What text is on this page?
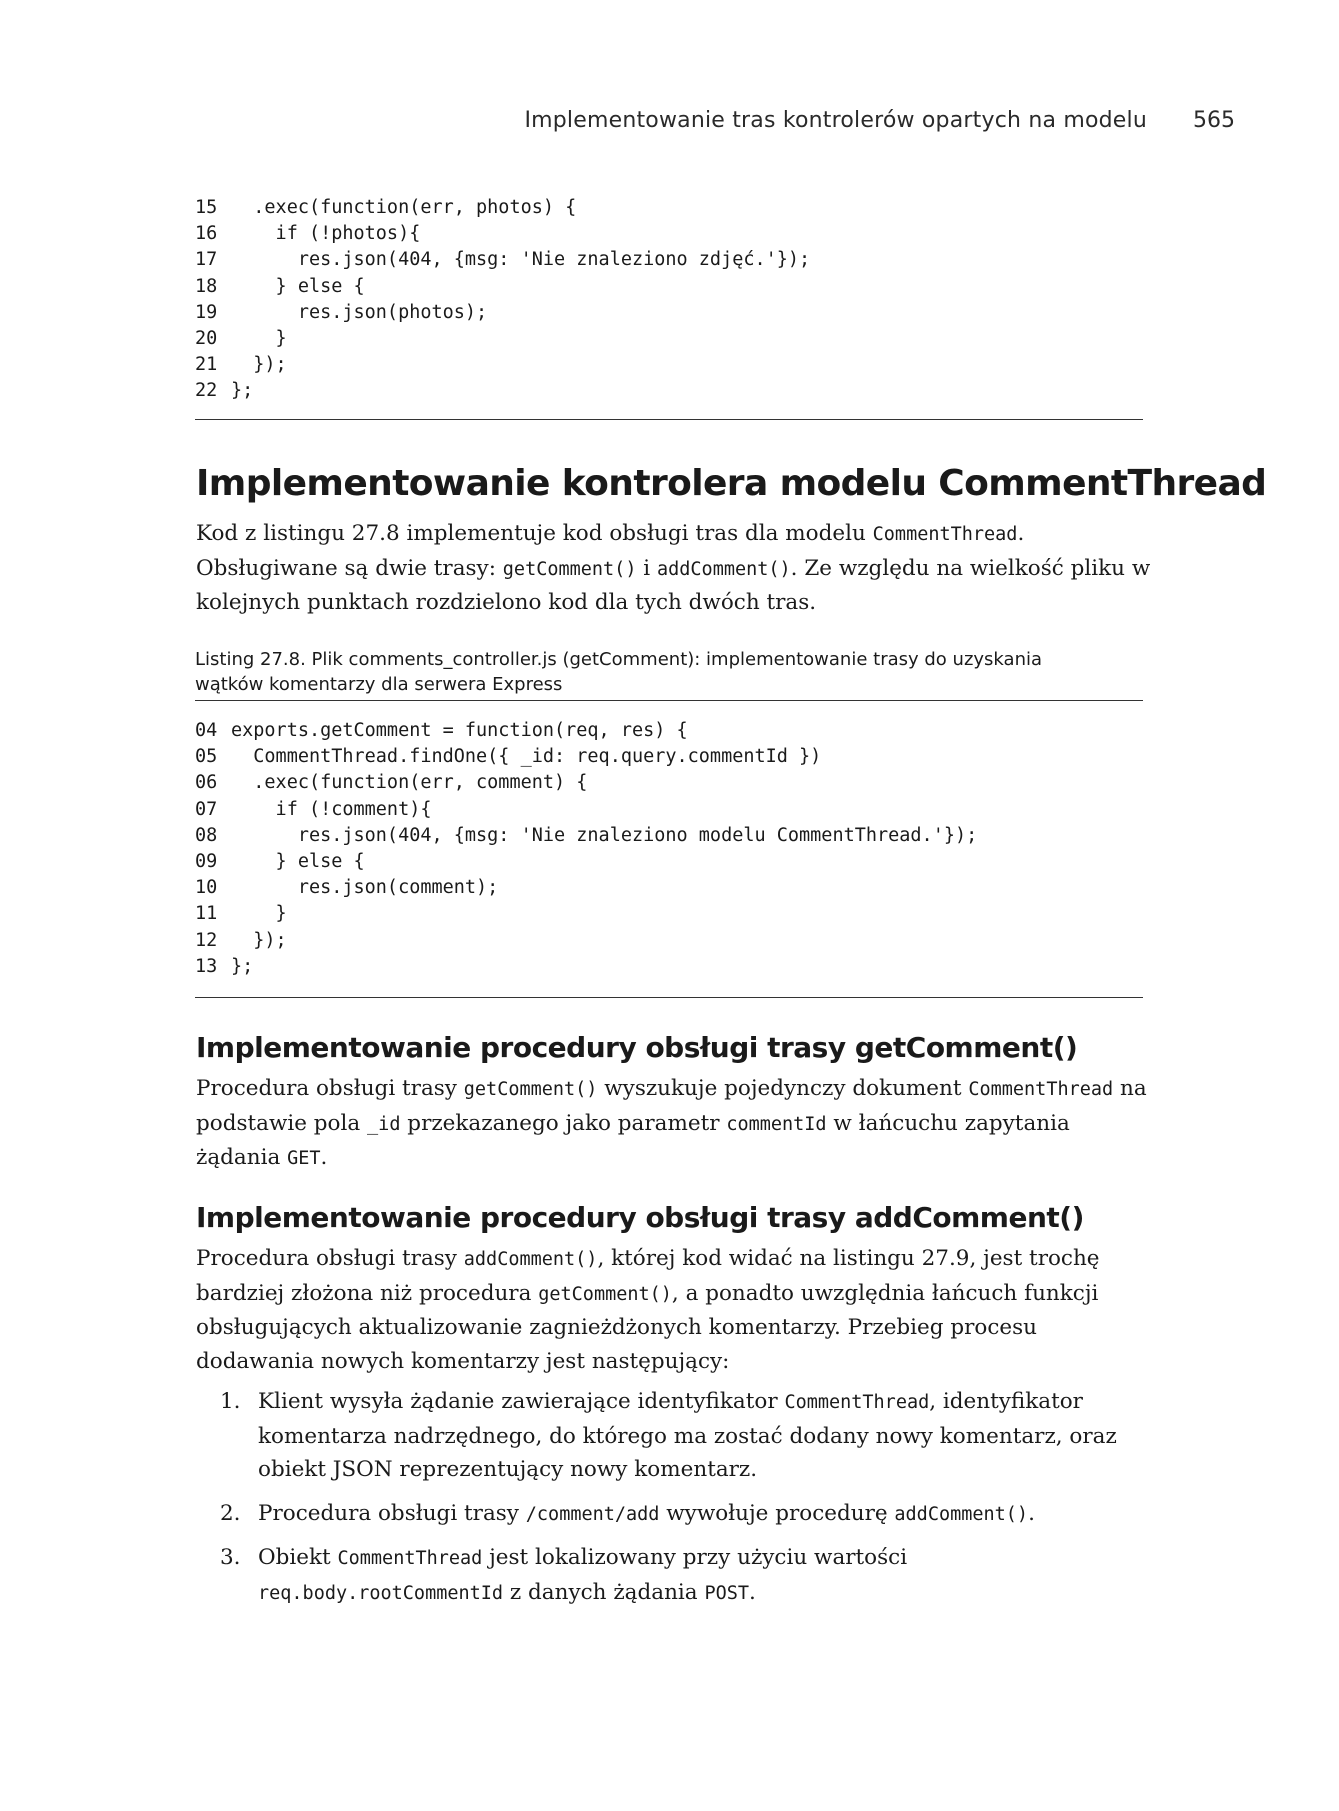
Implementowanie tras kontrolerów opartych na modelu 565
15  .exec(function(err, photos) {
16    if (!photos){
17      res.json(404, {msg: 'Nie znaleziono zdjęć.'});
18    } else {
19      res.json(photos);
20    }
21  });
22 };
Implementowanie kontrolera modelu CommentThread

Kod z listingu 27.8 implementuje kod obsługi tras dla modelu CommentThread. Obsługiwane są dwie trasy: getComment() i addComment(). Ze względu na wielkość pliku w kolejnych punktach rozdzielono kod dla tych dwóch tras.

Listing 27.8. Plik comments_controller.js (getComment): implementowanie trasy do uzyskania
wątków komentarzy dla serwera Express
04 exports.getComment = function(req, res) {
05  CommentThread.findOne({ _id: req.query.commentId })
06  .exec(function(err, comment) {
07    if (!comment){
08      res.json(404, {msg: 'Nie znaleziono modelu CommentThread.'});
09    } else {
10      res.json(comment);
11    }
12  });
13 };
Implementowanie procedury obsługi trasy getComment()

Procedura obsługi trasy getComment() wyszukuje pojedynczy dokument CommentThread na podstawie pola _id przekazanego jako parametr commentId w łańcuchu zapytania żądania GET.

Implementowanie procedury obsługi trasy addComment()

Procedura obsługi trasy addComment(), której kod widać na listingu 27.9, jest trochę bardziej złożona niż procedura getComment(), a ponadto uwzględnia łańcuch funkcji obsługujących aktualizowanie zagnieżdżonych komentarzy. Przebieg procesu dodawania nowych komentarzy jest następujący:

1. Klient wysyła żądanie zawierające identyfikator CommentThread, identyfikator komentarza nadrzędnego, do którego ma zostać dodany nowy komentarz, oraz obiekt JSON reprezentujący nowy komentarz.
2. Procedura obsługi trasy /comment/add wywołuje procedurę addComment().
3. Obiekt CommentThread jest lokalizowany przy użyciu wartości
req.body.rootCommentId z danych żądania POST.
